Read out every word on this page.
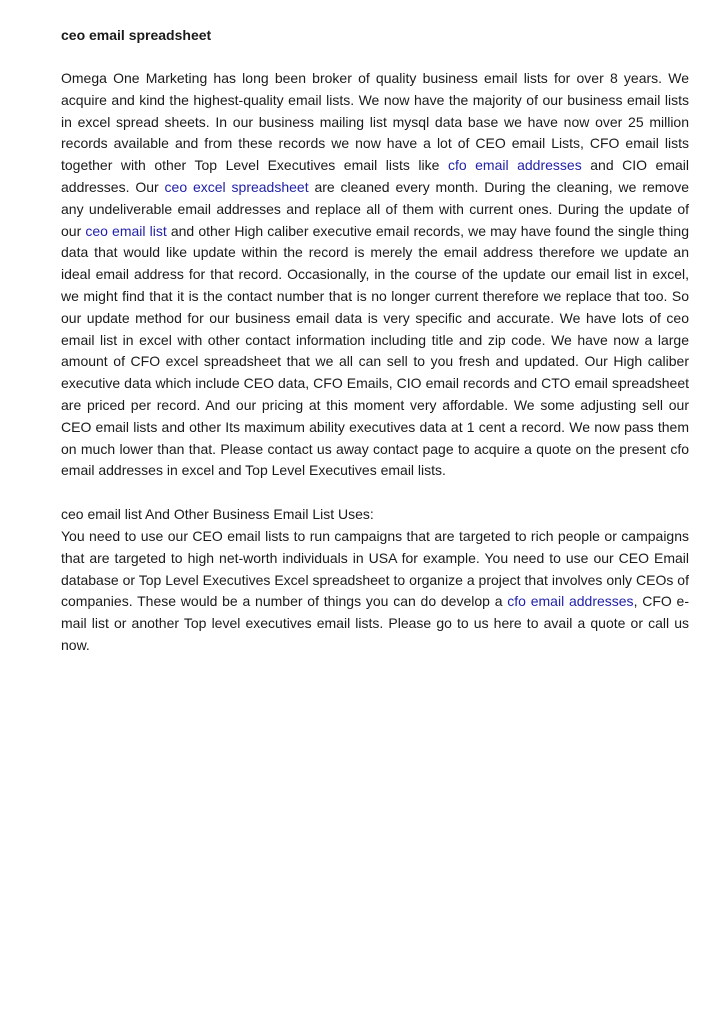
ceo email spreadsheet

Omega One Marketing has long been broker of quality business email lists for over 8 years. We acquire and kind the highest-quality email lists. We now have the majority of our business email lists in excel spread sheets. In our business mailing list mysql data base we have now over 25 million records available and from these records we now have a lot of CEO email Lists, CFO email lists together with other Top Level Executives email lists like cfo email addresses and CIO email addresses. Our ceo excel spreadsheet are cleaned every month. During the cleaning, we remove any undeliverable email addresses and replace all of them with current ones. During the update of our ceo email list and other High caliber executive email records, we may have found the single thing data that would like update within the record is merely the email address therefore we update an ideal email address for that record. Occasionally, in the course of the update our email list in excel, we might find that it is the contact number that is no longer current therefore we replace that too. So our update method for our business email data is very specific and accurate. We have lots of ceo email list in excel with other contact information including title and zip code. We have now a large amount of CFO excel spreadsheet that we all can sell to you fresh and updated. Our High caliber executive data which include CEO data, CFO Emails, CIO email records and CTO email spreadsheet are priced per record. And our pricing at this moment very affordable. We some adjusting sell our CEO email lists and other Its maximum ability executives data at 1 cent a record. We now pass them on much lower than that. Please contact us away contact page to acquire a quote on the present cfo email addresses in excel and Top Level Executives email lists.

ceo email list And Other Business Email List Uses:

You need to use our CEO email lists to run campaigns that are targeted to rich people or campaigns that are targeted to high net-worth individuals in USA for example. You need to use our CEO Email database or Top Level Executives Excel spreadsheet to organize a project that involves only CEOs of companies. These would be a number of things you can do develop a cfo email addresses, CFO e-mail list or another Top level executives email lists. Please go to us here to avail a quote or call us now.
